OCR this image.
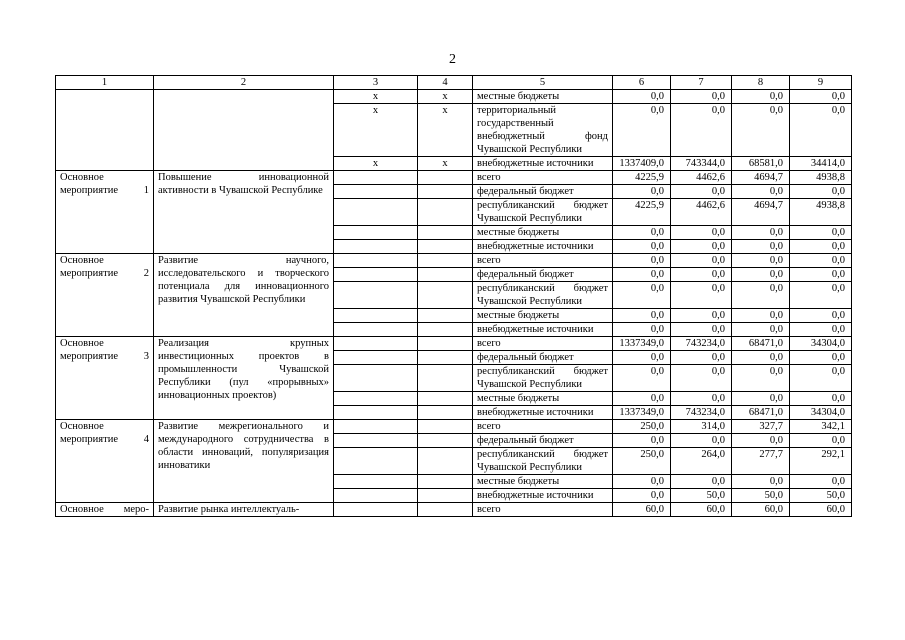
2
1	2	3	4	5	6	7	8	9
		x	x	местные бюджеты	0,0	0,0	0,0	0,0
		x	x	территориальный государственный внебюджетный фонд Чувашской Республики	0,0	0,0	0,0	0,0
		x	x	внебюджетные источники	1337409,0	743344,0	68581,0	34414,0
Основное мероприятие 1	Повышение инновационной активности в Чувашской Республике			всего	4225,9	4462,6	4694,7	4938,8
				федеральный бюджет	0,0	0,0	0,0	0,0
				республиканский бюджет Чувашской Республики	4225,9	4462,6	4694,7	4938,8
				местные бюджеты	0,0	0,0	0,0	0,0
				внебюджетные источники	0,0	0,0	0,0	0,0
Основное мероприятие 2	Развитие научного, исследовательского и творческого потенциала для инновационного развития Чувашской Республики			всего	0,0	0,0	0,0	0,0
				федеральный бюджет	0,0	0,0	0,0	0,0
				республиканский бюджет Чувашской Республики	0,0	0,0	0,0	0,0
				местные бюджеты	0,0	0,0	0,0	0,0
				внебюджетные источники	0,0	0,0	0,0	0,0
Основное мероприятие 3	Реализация крупных инвестиционных проектов в промышленности Чувашской Республики (пул «прорывных» инновационных проектов)			всего	1337349,0	743234,0	68471,0	34304,0
				федеральный бюджет	0,0	0,0	0,0	0,0
				республиканский бюджет Чувашской Республики	0,0	0,0	0,0	0,0
				местные бюджеты	0,0	0,0	0,0	0,0
				внебюджетные источники	1337349,0	743234,0	68471,0	34304,0
Основное мероприятие 4	Развитие межрегионального и международного сотрудничества в области инноваций, популяризация инноватики			всего	250,0	314,0	327,7	342,1
				федеральный бюджет	0,0	0,0	0,0	0,0
				республиканский бюджет Чувашской Республики	250,0	264,0	277,7	292,1
				местные бюджеты	0,0	0,0	0,0	0,0
				внебюджетные источники	0,0	50,0	50,0	50,0
Основное меро-	Развитие рынка интеллектуаль-			всего	60,0	60,0	60,0	60,0
